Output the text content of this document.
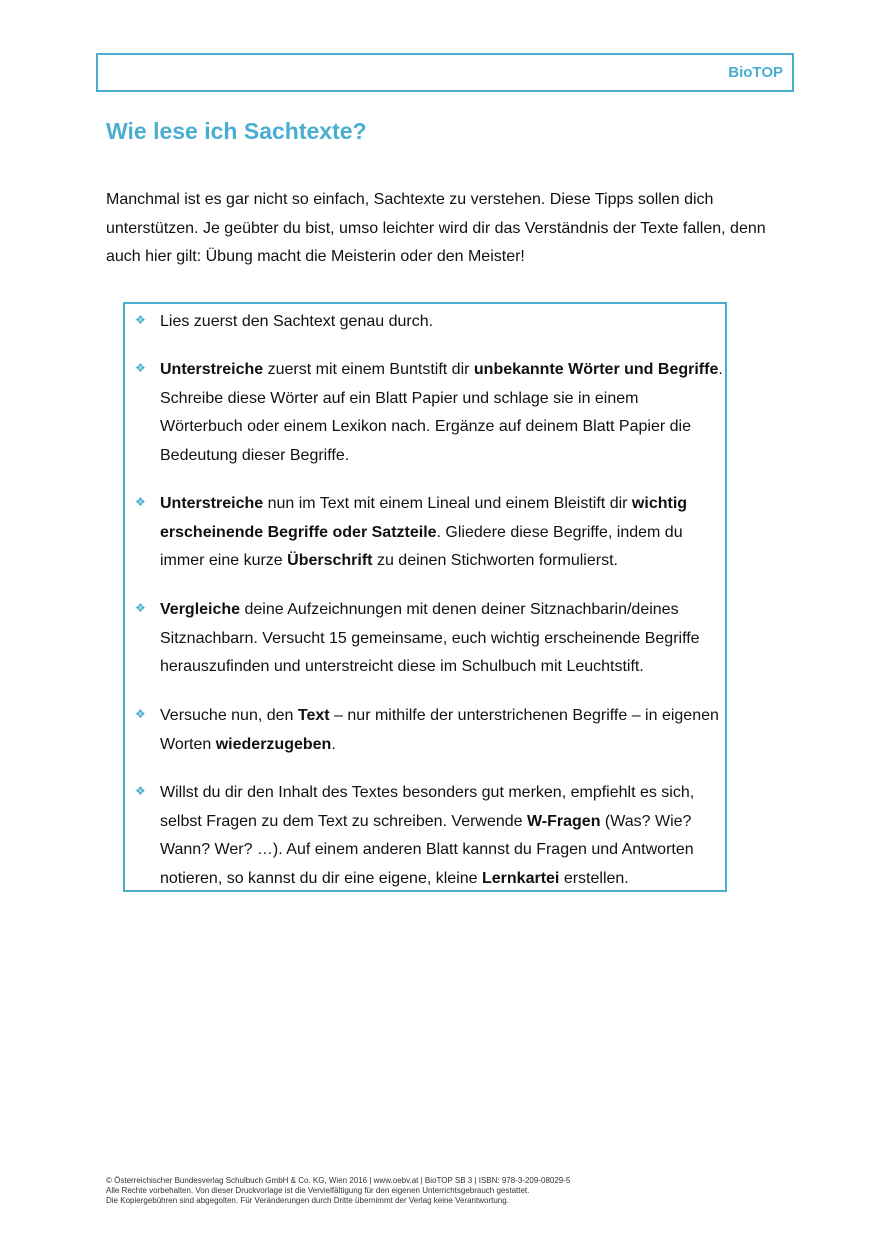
BioTOP
Wie lese ich Sachtexte?

Manchmal ist es gar nicht so einfach, Sachtexte zu verstehen. Diese Tipps sollen dich unterstützen. Je geübter du bist, umso leichter wird dir das Verständnis der Texte fallen, denn auch hier gilt: Übung macht die Meisterin oder den Meister!

❖ Lies zuerst den Sachtext genau durch.

❖ Unterstreiche zuerst mit einem Buntstift dir unbekannte Wörter und Begriffe. Schreibe diese Wörter auf ein Blatt Papier und schlage sie in einem Wörterbuch oder einem Lexikon nach. Ergänze auf deinem Blatt Papier die Bedeutung dieser Begriffe.

❖ Unterstreiche nun im Text mit einem Lineal und einem Bleistift dir wichtig erscheinende Begriffe oder Satzteile. Gliedere diese Begriffe, indem du immer eine kurze Überschrift zu deinen Stichworten formulierst.

❖ Vergleiche deine Aufzeichnungen mit denen deiner Sitznachbarin/deines Sitznachbarn. Versucht 15 gemeinsame, euch wichtig erscheinende Begriffe herauszufinden und unterstreicht diese im Schulbuch mit Leuchtstift.

❖ Versuche nun, den Text – nur mithilfe der unterstrichenen Begriffe – in eigenen Worten wiederzugeben.

❖ Willst du dir den Inhalt des Textes besonders gut merken, empfiehlt es sich, selbst Fragen zu dem Text zu schreiben. Verwende W-Fragen (Was? Wie? Wann? Wer? …). Auf einem anderen Blatt kannst du Fragen und Antworten notieren, so kannst du dir eine eigene, kleine Lernkartei erstellen.

© Österreichischer Bundesverlag Schulbuch GmbH & Co. KG, Wien 2016 | www.oebv.at | BioTOP SB 3 | ISBN: 978-3-209-08029-5
Alle Rechte vorbehalten. Von dieser Druckvorlage ist die Vervielfältigung für den eigenen Unterrichtsgebrauch gestattet.
Die Kopiergebühren sind abgegolten. Für Veränderungen durch Dritte übernimmt der Verlag keine Verantwortung.
